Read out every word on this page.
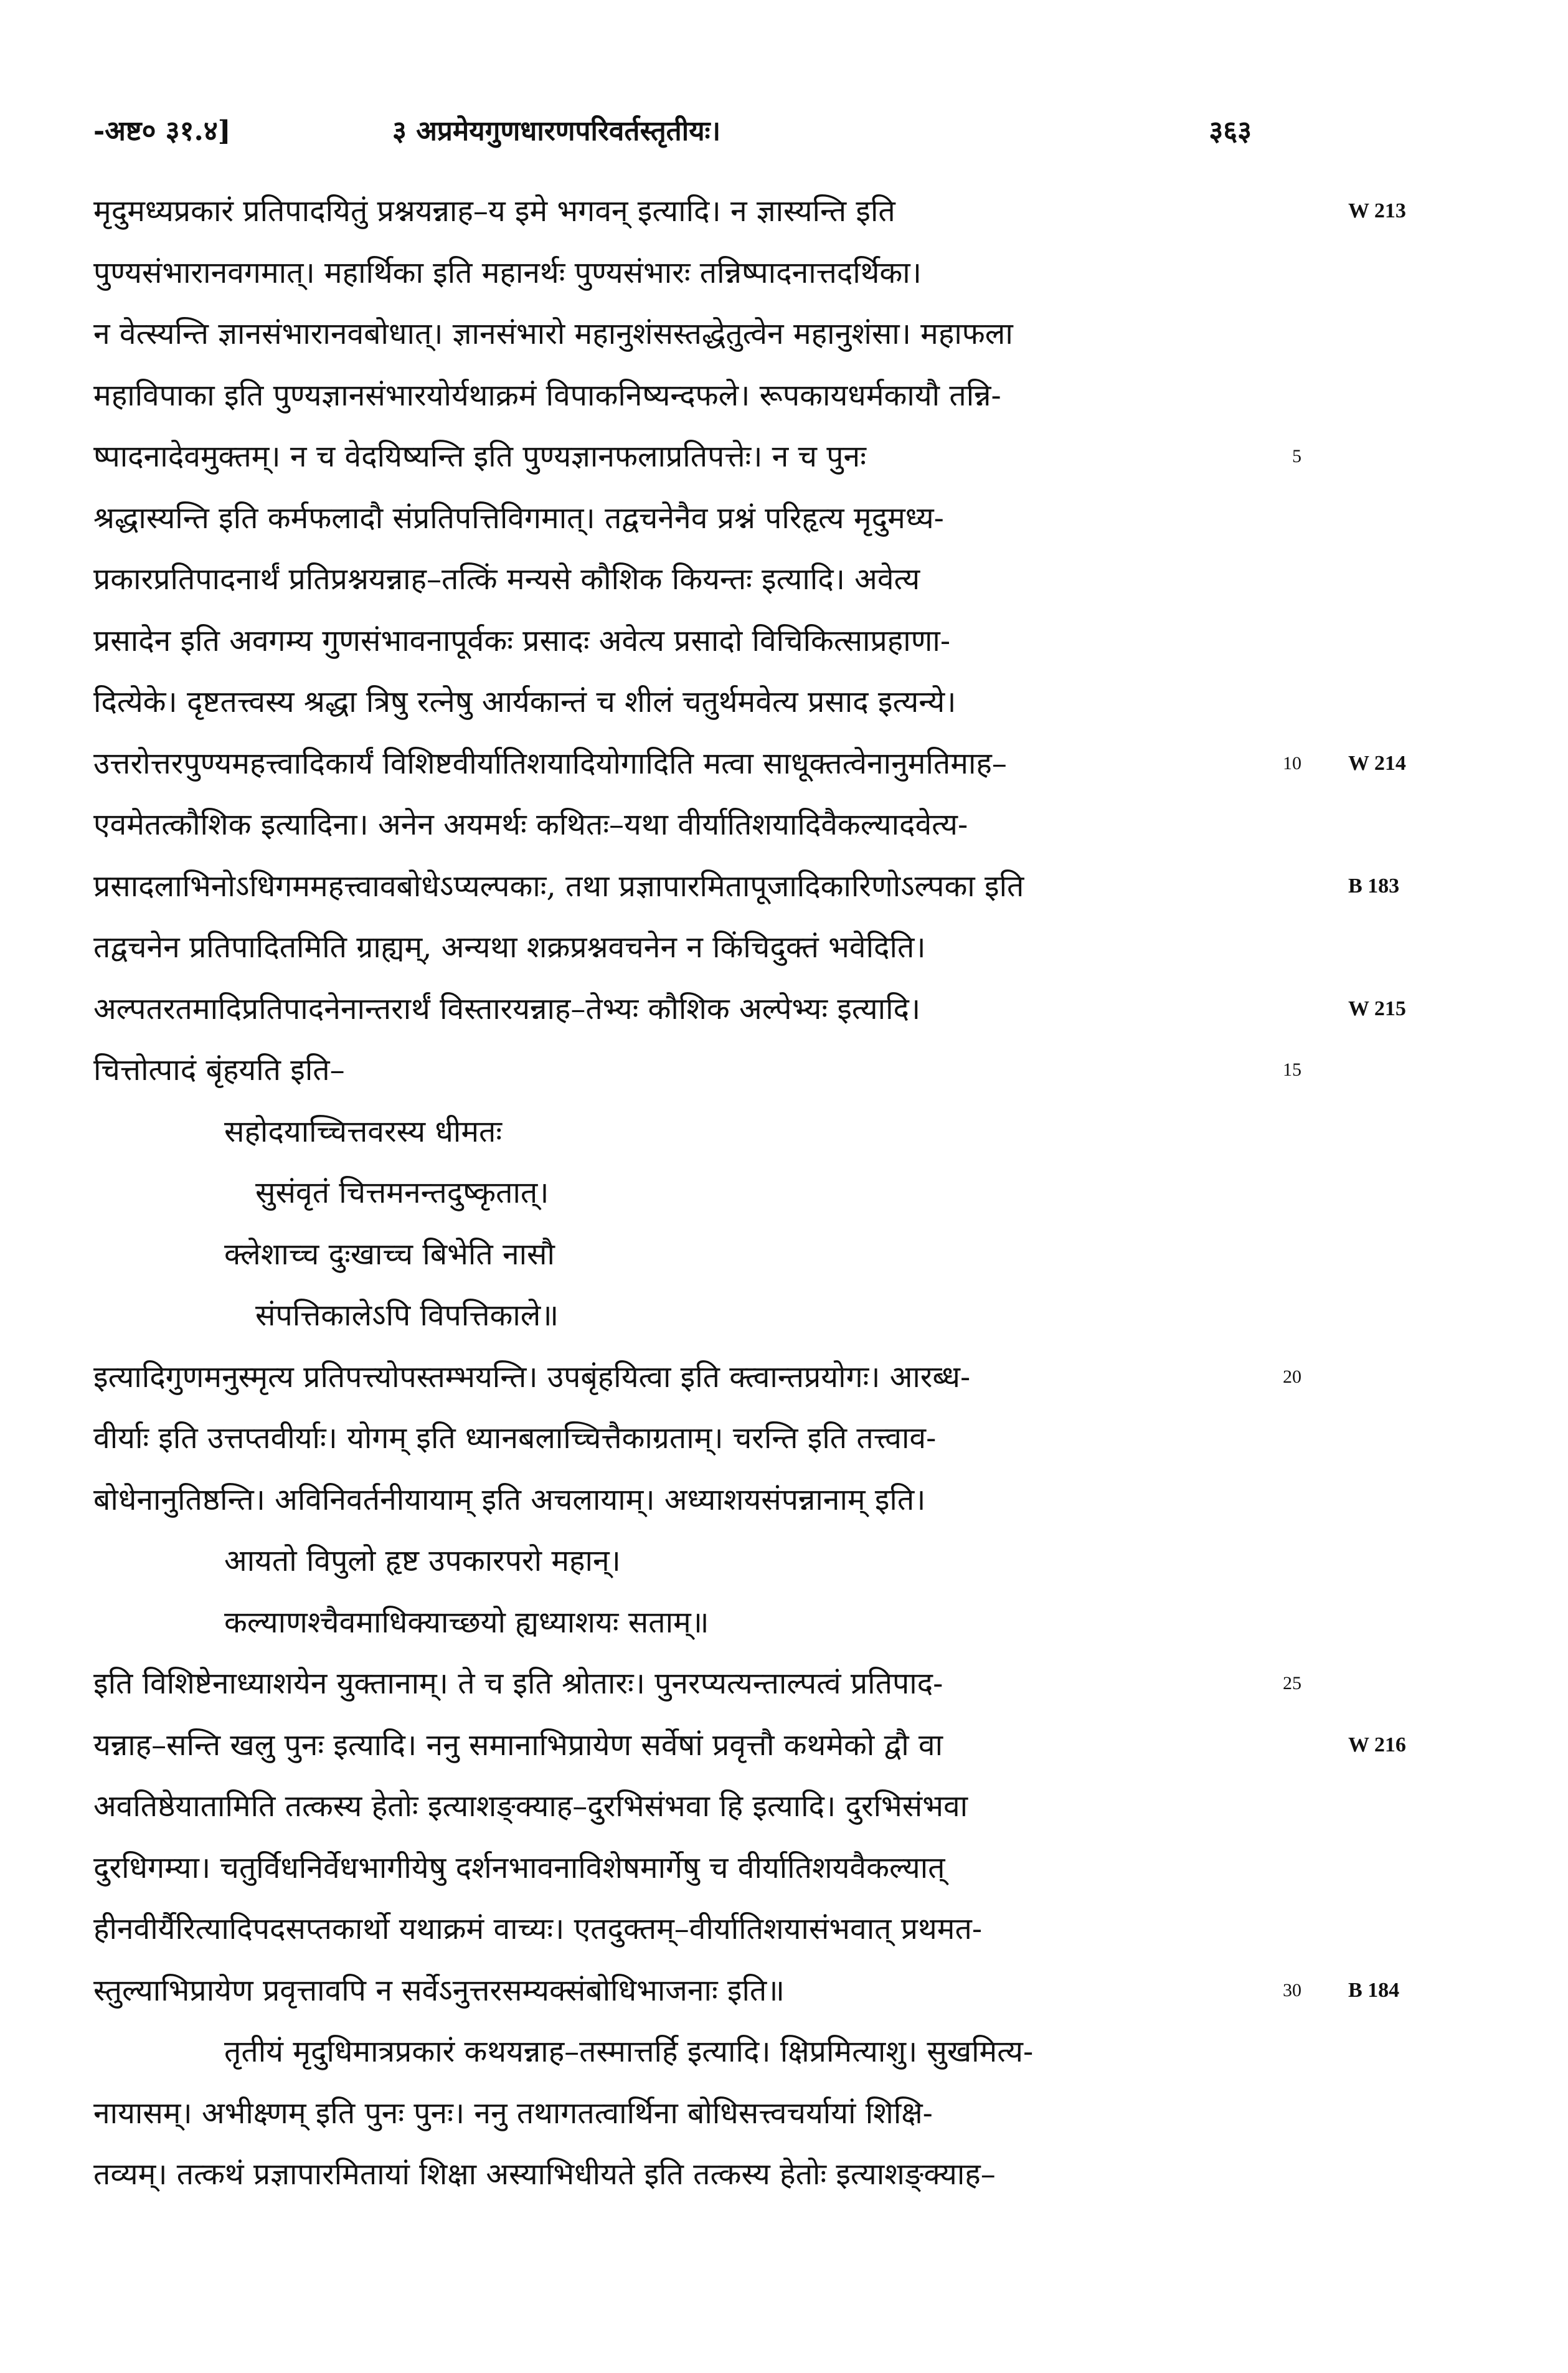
-अष्ट० ३१.४]	३ अप्रमेयगुणधारणपरिवर्तस्तृतीयः।	३६३
मृदुमध्यप्रकारं प्रतिपादयितुं प्रश्नयन्नाह–य इमे भगवन् इत्यादि। न ज्ञास्यन्ति इति
पुण्यसंभारानवगमात्। महार्थिका इति महानर्थः पुण्यसंभारः तन्निष्पादनात्तदर्थिका।
न वेत्स्यन्ति ज्ञानसंभारानवबोधात्। ज्ञानसंभारो महानुशंसस्तद्धेतुत्वेन महानुशंसा। महाफला
महाविपाका इति पुण्यज्ञानसंभारयोर्यथाक्रमं विपाकनिष्यन्दफले। रूपकायधर्मकायौ तन्नि-
ष्पादनादेवमुक्तम्। न च वेदयिष्यन्ति इति पुण्यज्ञानफलाप्रतिपत्तेः। न च पुनः	5
श्रद्धास्यन्ति इति कर्मफलादौ संप्रतिपत्तिविगमात्। तद्वचनेनैव प्रश्नं परिहृत्य मृदुमध्य-
प्रकारप्रतिपादनार्थं प्रतिप्रश्नयन्नाह–तत्किं मन्यसे कौशिक कियन्तः इत्यादि। अवेत्य
प्रसादेन इति अवगम्य गुणसंभावनापूर्वकः प्रसादः अवेत्य प्रसादो विचिकित्साप्रहाणा-
दित्येके। दृष्टतत्त्वस्य श्रद्धा त्रिषु रत्नेषु आर्यकान्तं च शीलं चतुर्थमवेत्य प्रसाद इत्यन्ये।
उत्तरोत्तरपुण्यमहत्त्वादिकार्यं विशिष्टवीर्यातिशयादियोगादिति मत्वा साधूक्तत्वेनानुमतिमाह–	10
एवमेतत्कौशिक इत्यादिना। अनेन अयमर्थः कथितः–यथा वीर्यातिशयादिवैकल्यादवेत्य-
प्रसादलाभिनोऽधिगममहत्त्वावबोधेऽप्यल्पकाः, तथा प्रज्ञापारमितापूजादिकारिणोऽल्पका इति
तद्वचनेन प्रतिपादितमिति ग्राह्यम्, अन्यथा शक्रप्रश्नवचनेन न किंचिदुक्तं भवेदिति।
अल्पतरतमादिप्रतिपादनेनान्तरार्थं विस्तारयन्नाह–तेभ्यः कौशिक अल्पेभ्यः इत्यादि।
चित्तोत्पादं बृंहयति इति–	15
सहोदयाच्चित्तवरस्य धीमतः
सुसंवृतं चित्तमनन्तदुष्कृतात्।
क्लेशाच्च दुःखाच्च बिभेति नासौ
संपत्तिकालेऽपि विपत्तिकाले॥
इत्यादिगुणमनुस्मृत्य प्रतिपत्त्योपस्तम्भयन्ति। उपबृंहयित्वा इति क्त्वान्तप्रयोगः। आरब्ध-	20
वीर्याः इति उत्तप्तवीर्याः। योगम् इति ध्यानबलाच्चित्तैकाग्रताम्। चरन्ति इति तत्त्वाव-
बोधेनानुतिष्ठन्ति। अविनिवर्तनीयायाम् इति अचलायाम्। अध्याशयसंपन्नानाम् इति।
आयतो विपुलो हृष्ट उपकारपरो महान्।
कल्याणश्चैवमाधिक्याच्छयो ह्यध्याशयः सताम्॥
इति विशिष्टेनाध्याशयेन युक्तानाम्। ते च इति श्रोतारः। पुनरप्यत्यन्ताल्पत्वं प्रतिपाद-	25
यन्नाह–सन्ति खलु पुनः इत्यादि। ननु समानाभिप्रायेण सर्वेषां प्रवृत्तौ कथमेको द्वौ वा
अवतिष्ठेयातामिति तत्कस्य हेतोः इत्याशङ्क्याह–दुरभिसंभवा हि इत्यादि। दुरभिसंभवा
दुरधिगम्या। चतुर्विधनिर्वेधभागीयेषु दर्शनभावनाविशेषमार्गेषु च वीर्यातिशयवैकल्यात्
हीनवीर्यैरित्यादिपदसप्तकार्थो यथाक्रमं वाच्यः। एतदुक्तम्–वीर्यातिशयासंभवात् प्रथमत-
स्तुल्याभिप्रायेण प्रवृत्तावपि न सर्वेऽनुत्तरसम्यक्संबोधिभाजनाः इति॥	30
तृतीयं मृदुधिमात्रप्रकारं कथयन्नाह–तस्मात्तर्हि इत्यादि। क्षिप्रमित्याशु। सुखमित्य-
नायासम्। अभीक्ष्णम् इति पुनः पुनः। ननु तथागतत्वार्थिना बोधिसत्त्वचर्यायां शिक्षि-
तव्यम्। तत्कथं प्रज्ञापारमितायां शिक्षा अस्याभिधीयते इति तत्कस्य हेतोः इत्याशङ्क्याह–
W 213
W 214
B 183
W 215
W 216
B 184
